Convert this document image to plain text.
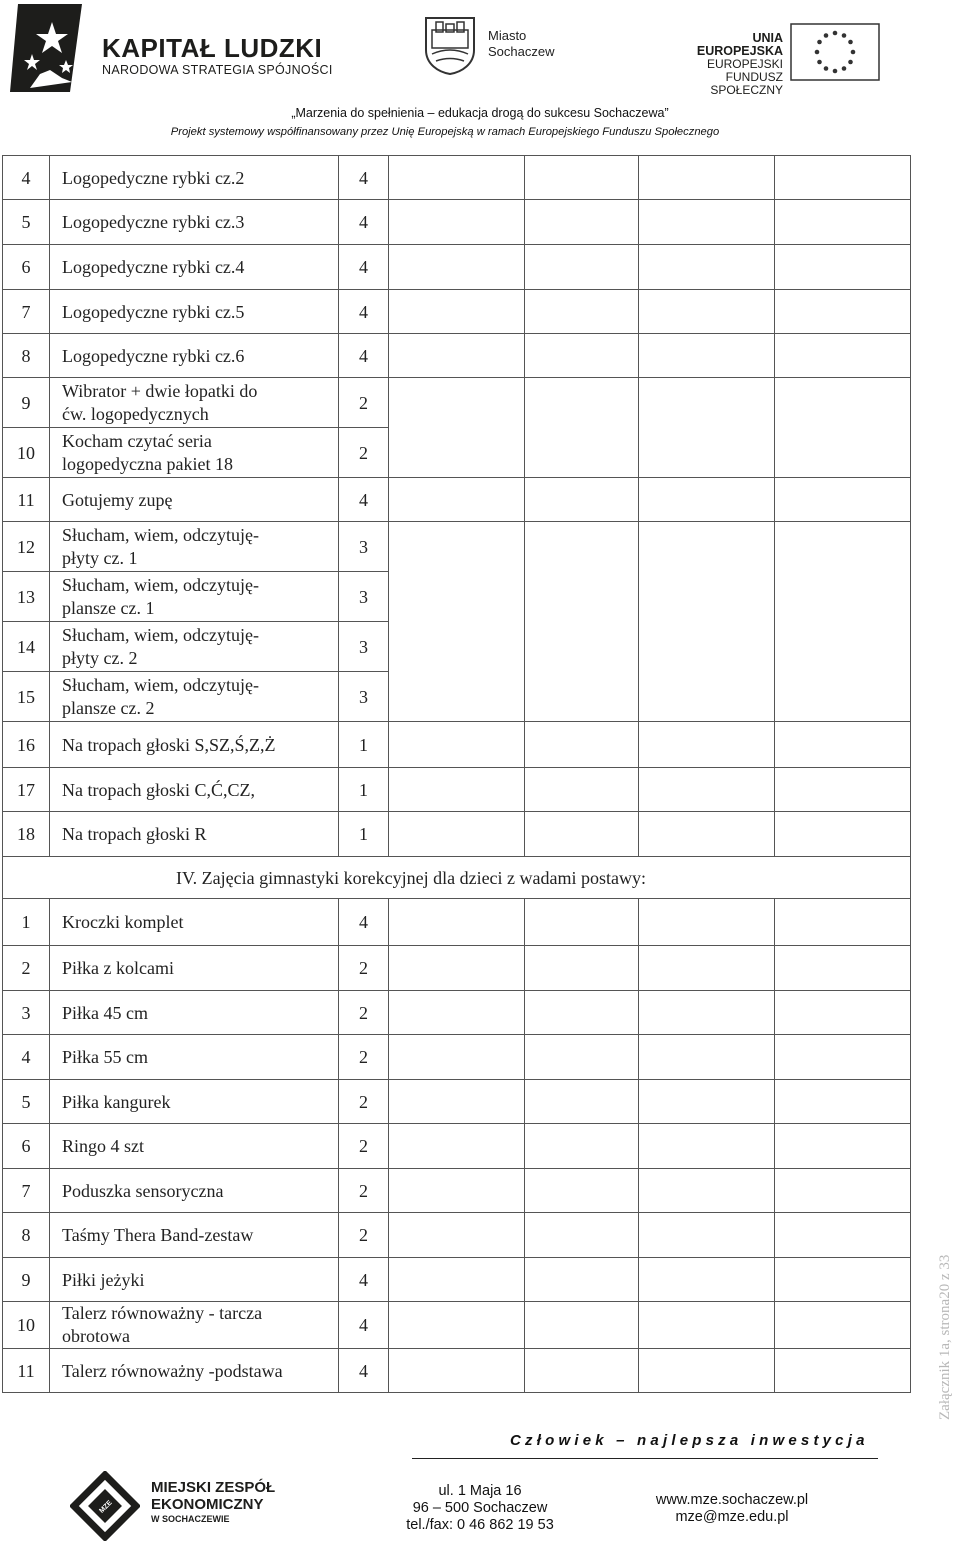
KAPITAŁ LUDZKI
NARODOWA STRATEGIA SPÓJNOŚCI
Miasto
Sochaczew
UNIA EUROPEJSKA
EUROPEJSKI
FUNDUSZ SPOŁECZNY
„Marzenia do spełnienia – edukacja drogą do sukcesu Sochaczewa”
Projekt systemowy współfinansowany przez Unię Europejską w ramach Europejskiego Funduszu Społecznego
4	Logopedyczne rybki cz.2	4				
5	Logopedyczne rybki cz.3	4				
6	Logopedyczne rybki cz.4	4				
7	Logopedyczne rybki cz.5	4				
8	Logopedyczne rybki cz.6	4				
9	Wibrator + dwie łopatki do
ćw. logopedycznych	2				
10	Kocham czytać seria
logopedyczna pakiet 18	2				
11	Gotujemy zupę	4				
12	Słucham, wiem, odczytuję-
płyty cz. 1	3				
13	Słucham, wiem, odczytuję-
plansze cz. 1	3				
14	Słucham, wiem, odczytuję-
płyty cz. 2	3				
15	Słucham, wiem, odczytuję-
plansze cz. 2	3				
16	Na tropach głoski S,SZ,Ś,Z,Ż	1				
17	Na tropach głoski C,Ć,CZ,	1				
18	Na tropach głoski R	1				
IV. Zajęcia gimnastyki korekcyjnej dla dzieci z wadami postawy:						
1	Kroczki komplet	4				
2	Piłka z kolcami	2				
3	Piłka 45 cm	2				
4	Piłka 55 cm	2				
5	Piłka kangurek	2				
6	Ringo 4 szt	2				
7	Poduszka sensoryczna	2				
8	Taśmy Thera Band-zestaw	2				
9	Piłki jeżyki	4				
10	Talerz równoważny - tarcza
obrotowa	4				
11	Talerz równoważny -podstawa	4					Załącznik 1a, strona20 z 33
Człowiek – najlepsza inwestycja
MZE
MIEJSKI ZESPÓŁ
EKONOMICZNY
W SOCHACZEWIE
ul. 1 Maja 16
96 – 500 Sochaczew
tel./fax: 0 46 862 19 53
www.mze.sochaczew.pl
mze@mze.edu.pl
